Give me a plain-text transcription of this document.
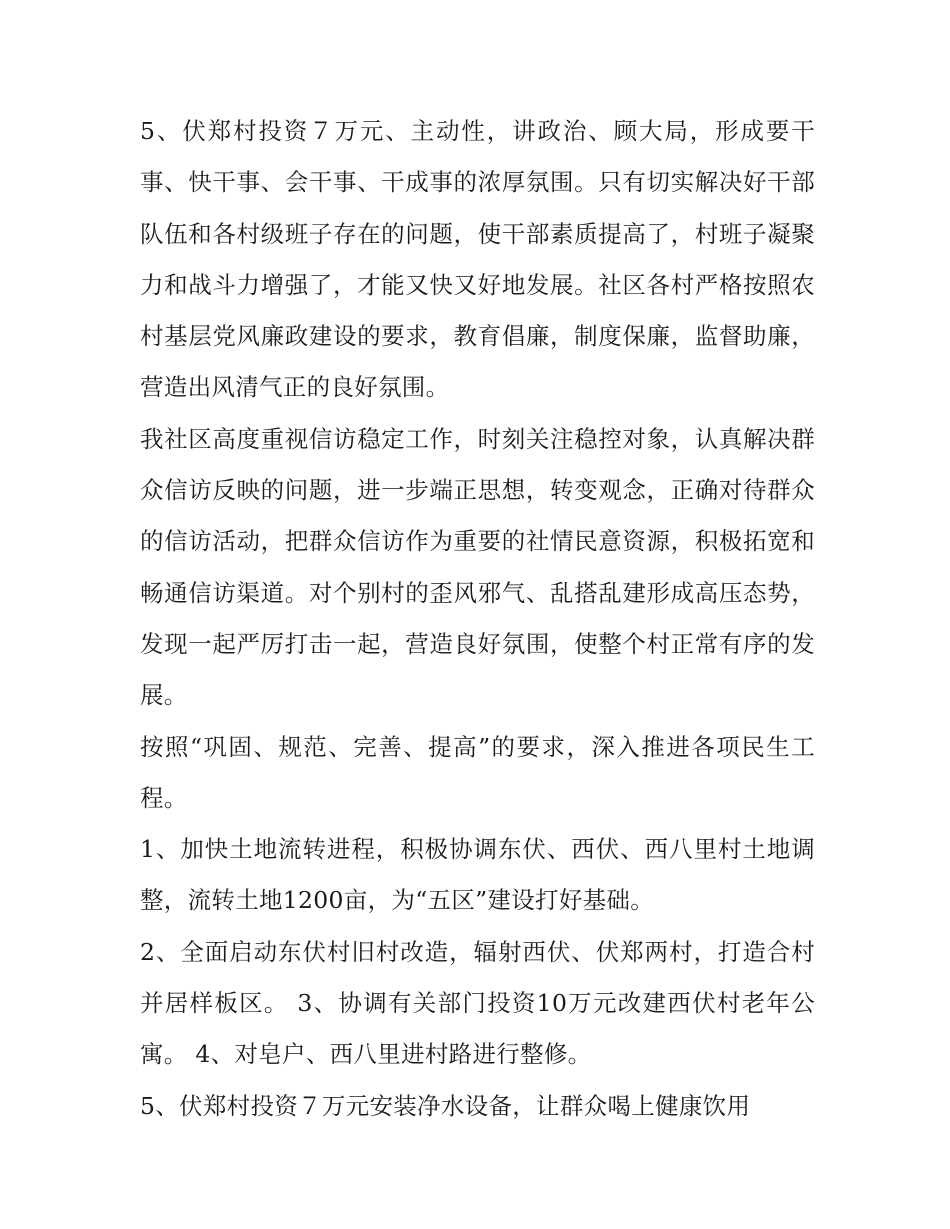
5、伏郑村投资７万元、主动性，讲政治、顾大局，形成要干事、快干事、会干事、干成事的浓厚氛围。只有切实解决好干部队伍和各村级班子存在的问题，使干部素质提高了，村班子凝聚力和战斗力增强了，才能又快又好地发展。社区各村严格按照农村基层党风廉政建设的要求，教育倡廉，制度保廉，监督助廉，营造出风清气正的良好氛围。

我社区高度重视信访稳定工作，时刻关注稳控对象，认真解决群众信访反映的问题，进一步端正思想，转变观念，正确对待群众的信访活动，把群众信访作为重要的社情民意资源，积极拓宽和畅通信访渠道。对个别村的歪风邪气、乱搭乱建形成高压态势，发现一起严厉打击一起，营造良好氛围，使整个村正常有序的发展。

按照“巩固、规范、完善、提高”的要求，深入推进各项民生工程。

1、加快土地流转进程，积极协调东伏、西伏、西八里村土地调整，流转土地1200亩，为“五区”建设打好基础。

2、全面启动东伏村旧村改造，辐射西伏、伏郑两村，打造合村并居样板区。 3、协调有关部门投资10万元改建西伏村老年公寓。 4、对皂户、西八里进村路进行整修。

5、伏郑村投资７万元安装净水设备，让群众喝上健康饮用
